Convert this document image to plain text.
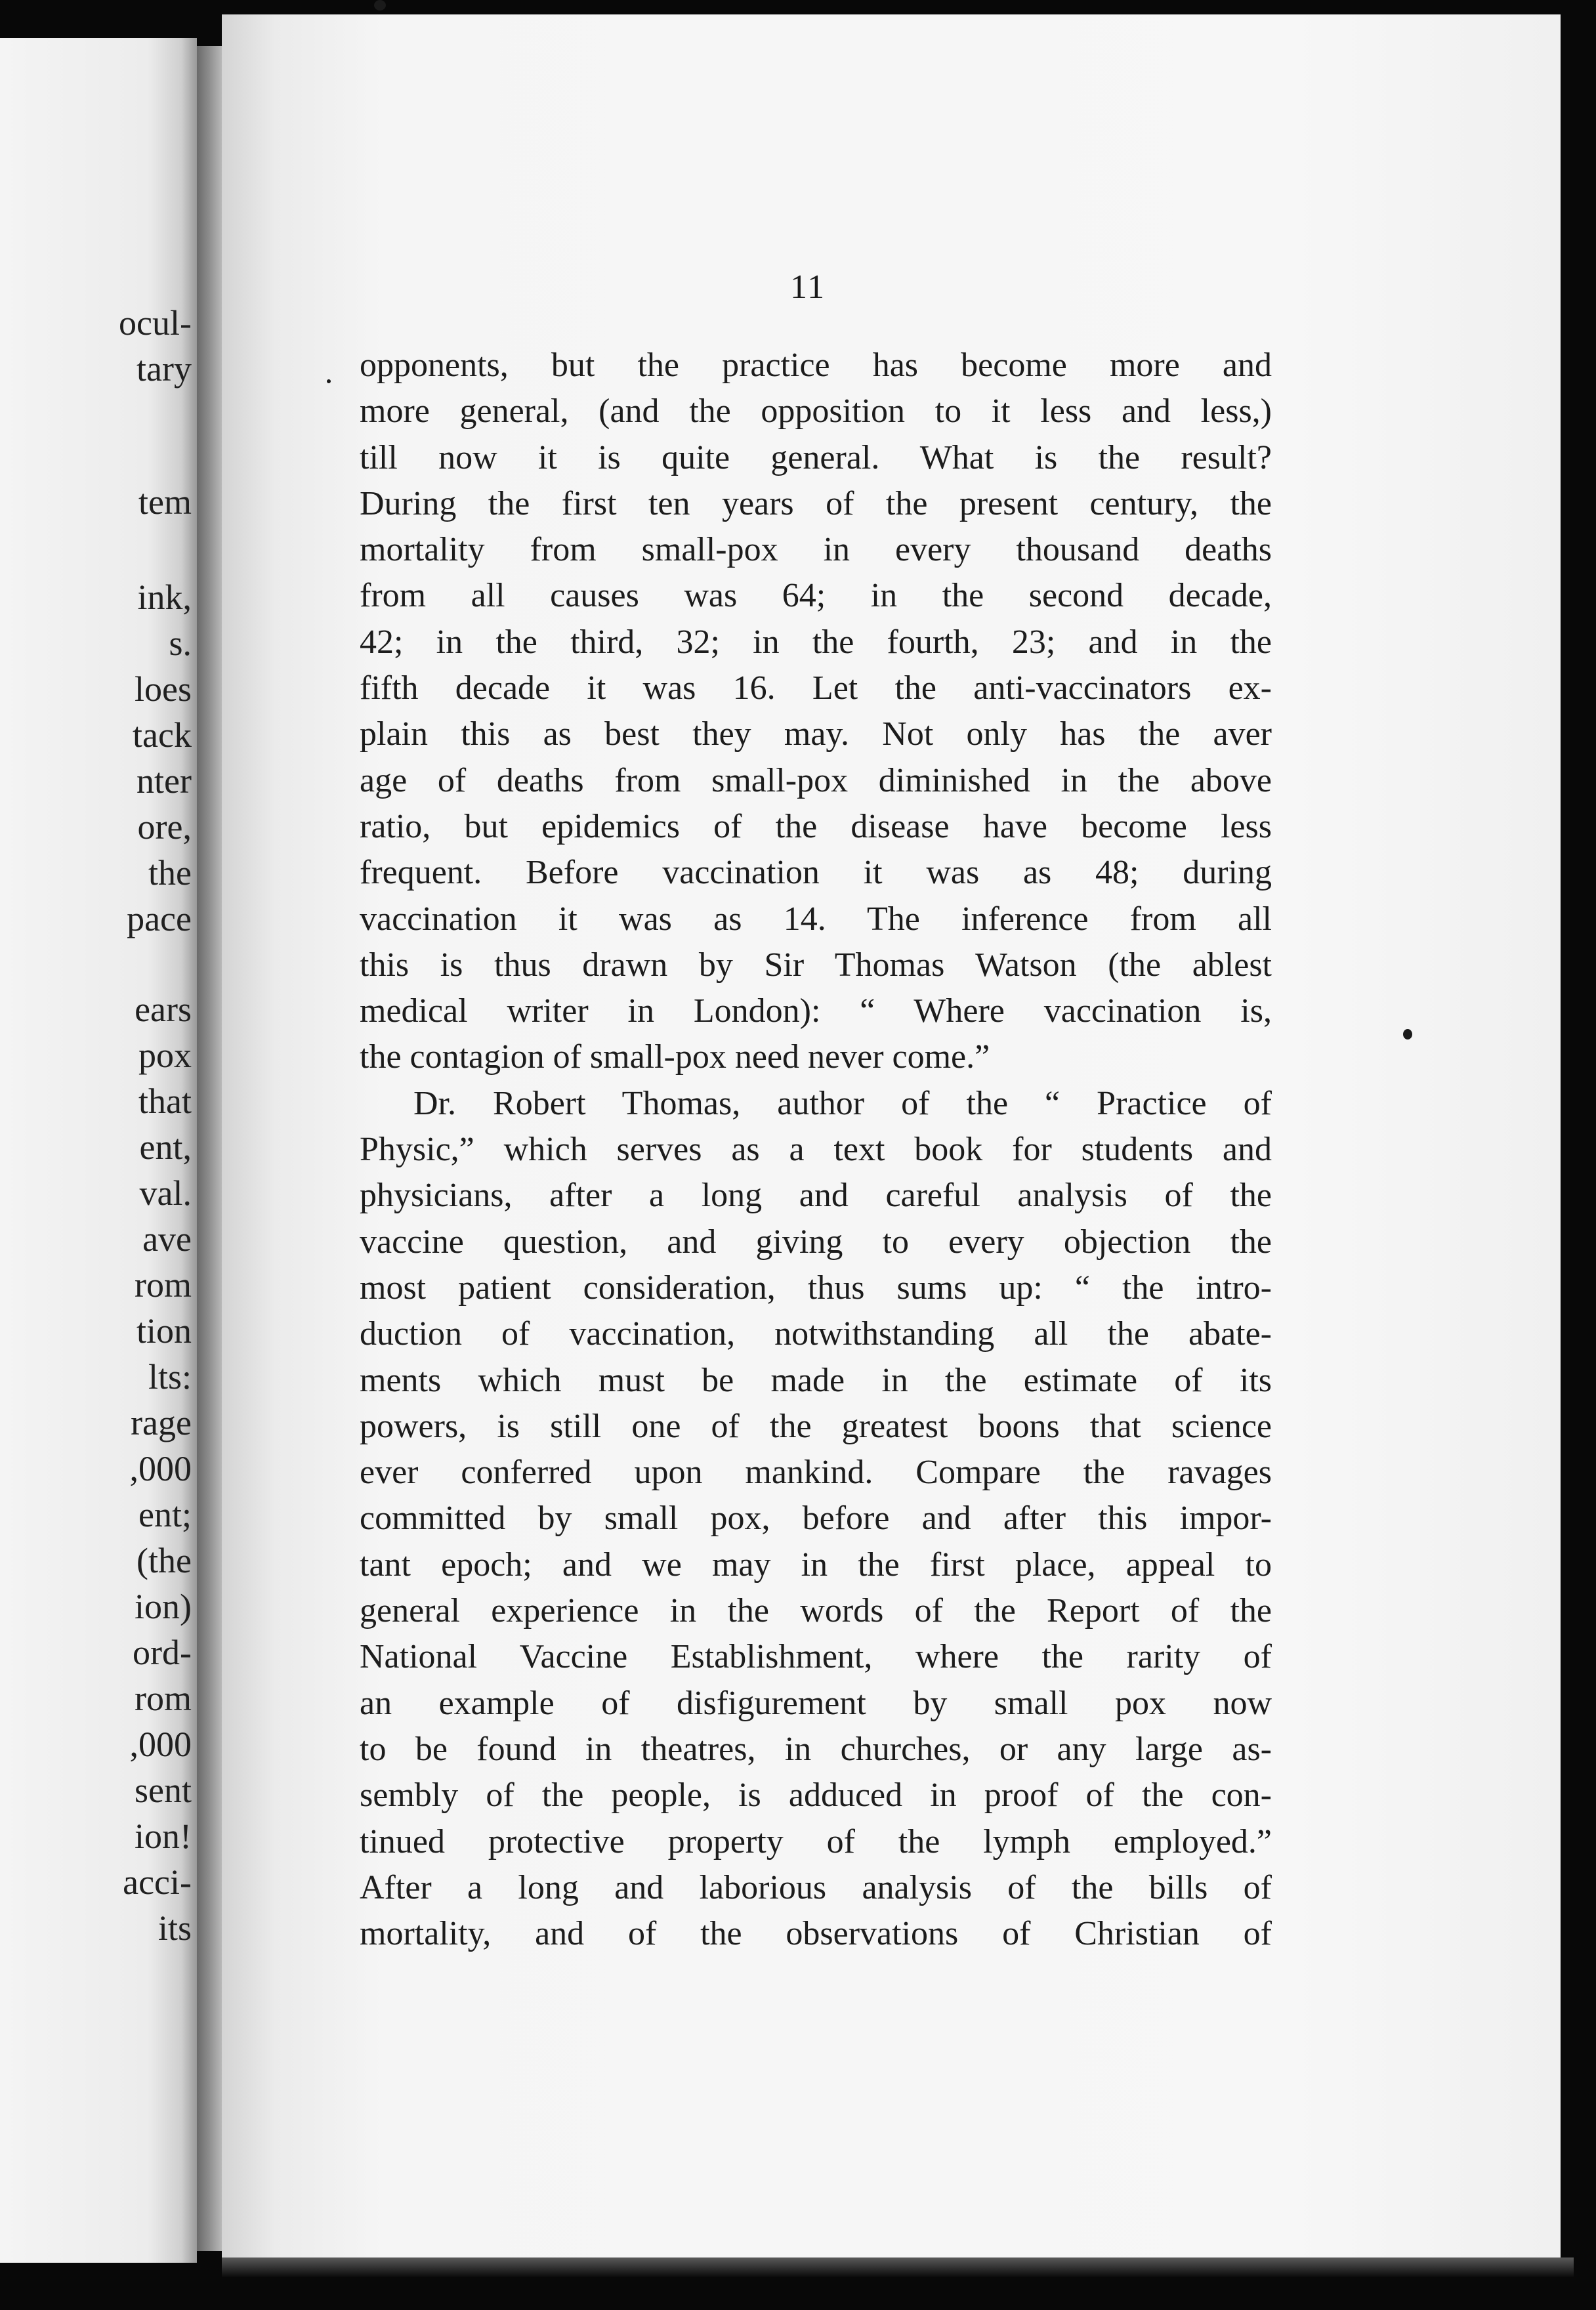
ocul-
tary
tem
ink,
s.
loes
tack
nter
ore,
the
pace
ears
pox
that
ent,
val.
ave
rom
tion
lts:
rage
,000
ent;
(the
ion)
ord-
rom
,000
sent
ion!
acci-
its
11
opponents, but the practice has become more and
more general, (and the opposition to it less and less,)
till now it is quite general. What is the result?
During the first ten years of the present century, the
mortality from small-pox in every thousand deaths
from all causes was 64; in the second decade,
42; in the third, 32; in the fourth, 23; and in the
fifth decade it was 16. Let the anti-vaccinators ex-
plain this as best they may. Not only has the aver
age of deaths from small-pox diminished in the above
ratio, but epidemics of the disease have become less
frequent. Before vaccination it was as 48; during
vaccination it was as 14. The inference from all
this is thus drawn by Sir Thomas Watson (the ablest
medical writer in London): “ Where vaccination is,
the contagion of small-pox need never come.”
Dr. Robert Thomas, author of the “ Practice of
Physic,” which serves as a text book for students and
physicians, after a long and careful analysis of the
vaccine question, and giving to every objection the
most patient consideration, thus sums up: “ the intro-
duction of vaccination, notwithstanding all the abate-
ments which must be made in the estimate of its
powers, is still one of the greatest boons that science
ever conferred upon mankind. Compare the ravages
committed by small pox, before and after this impor-
tant epoch; and we may in the first place, appeal to
general experience in the words of the Report of the
National Vaccine Establishment, where the rarity of
an example of disfigurement by small pox now
to be found in theatres, in churches, or any large as-
sembly of the people, is adduced in proof of the con-
tinued protective property of the lymph employed.”
After a long and laborious analysis of the bills of
mortality, and of the observations of Christian of
